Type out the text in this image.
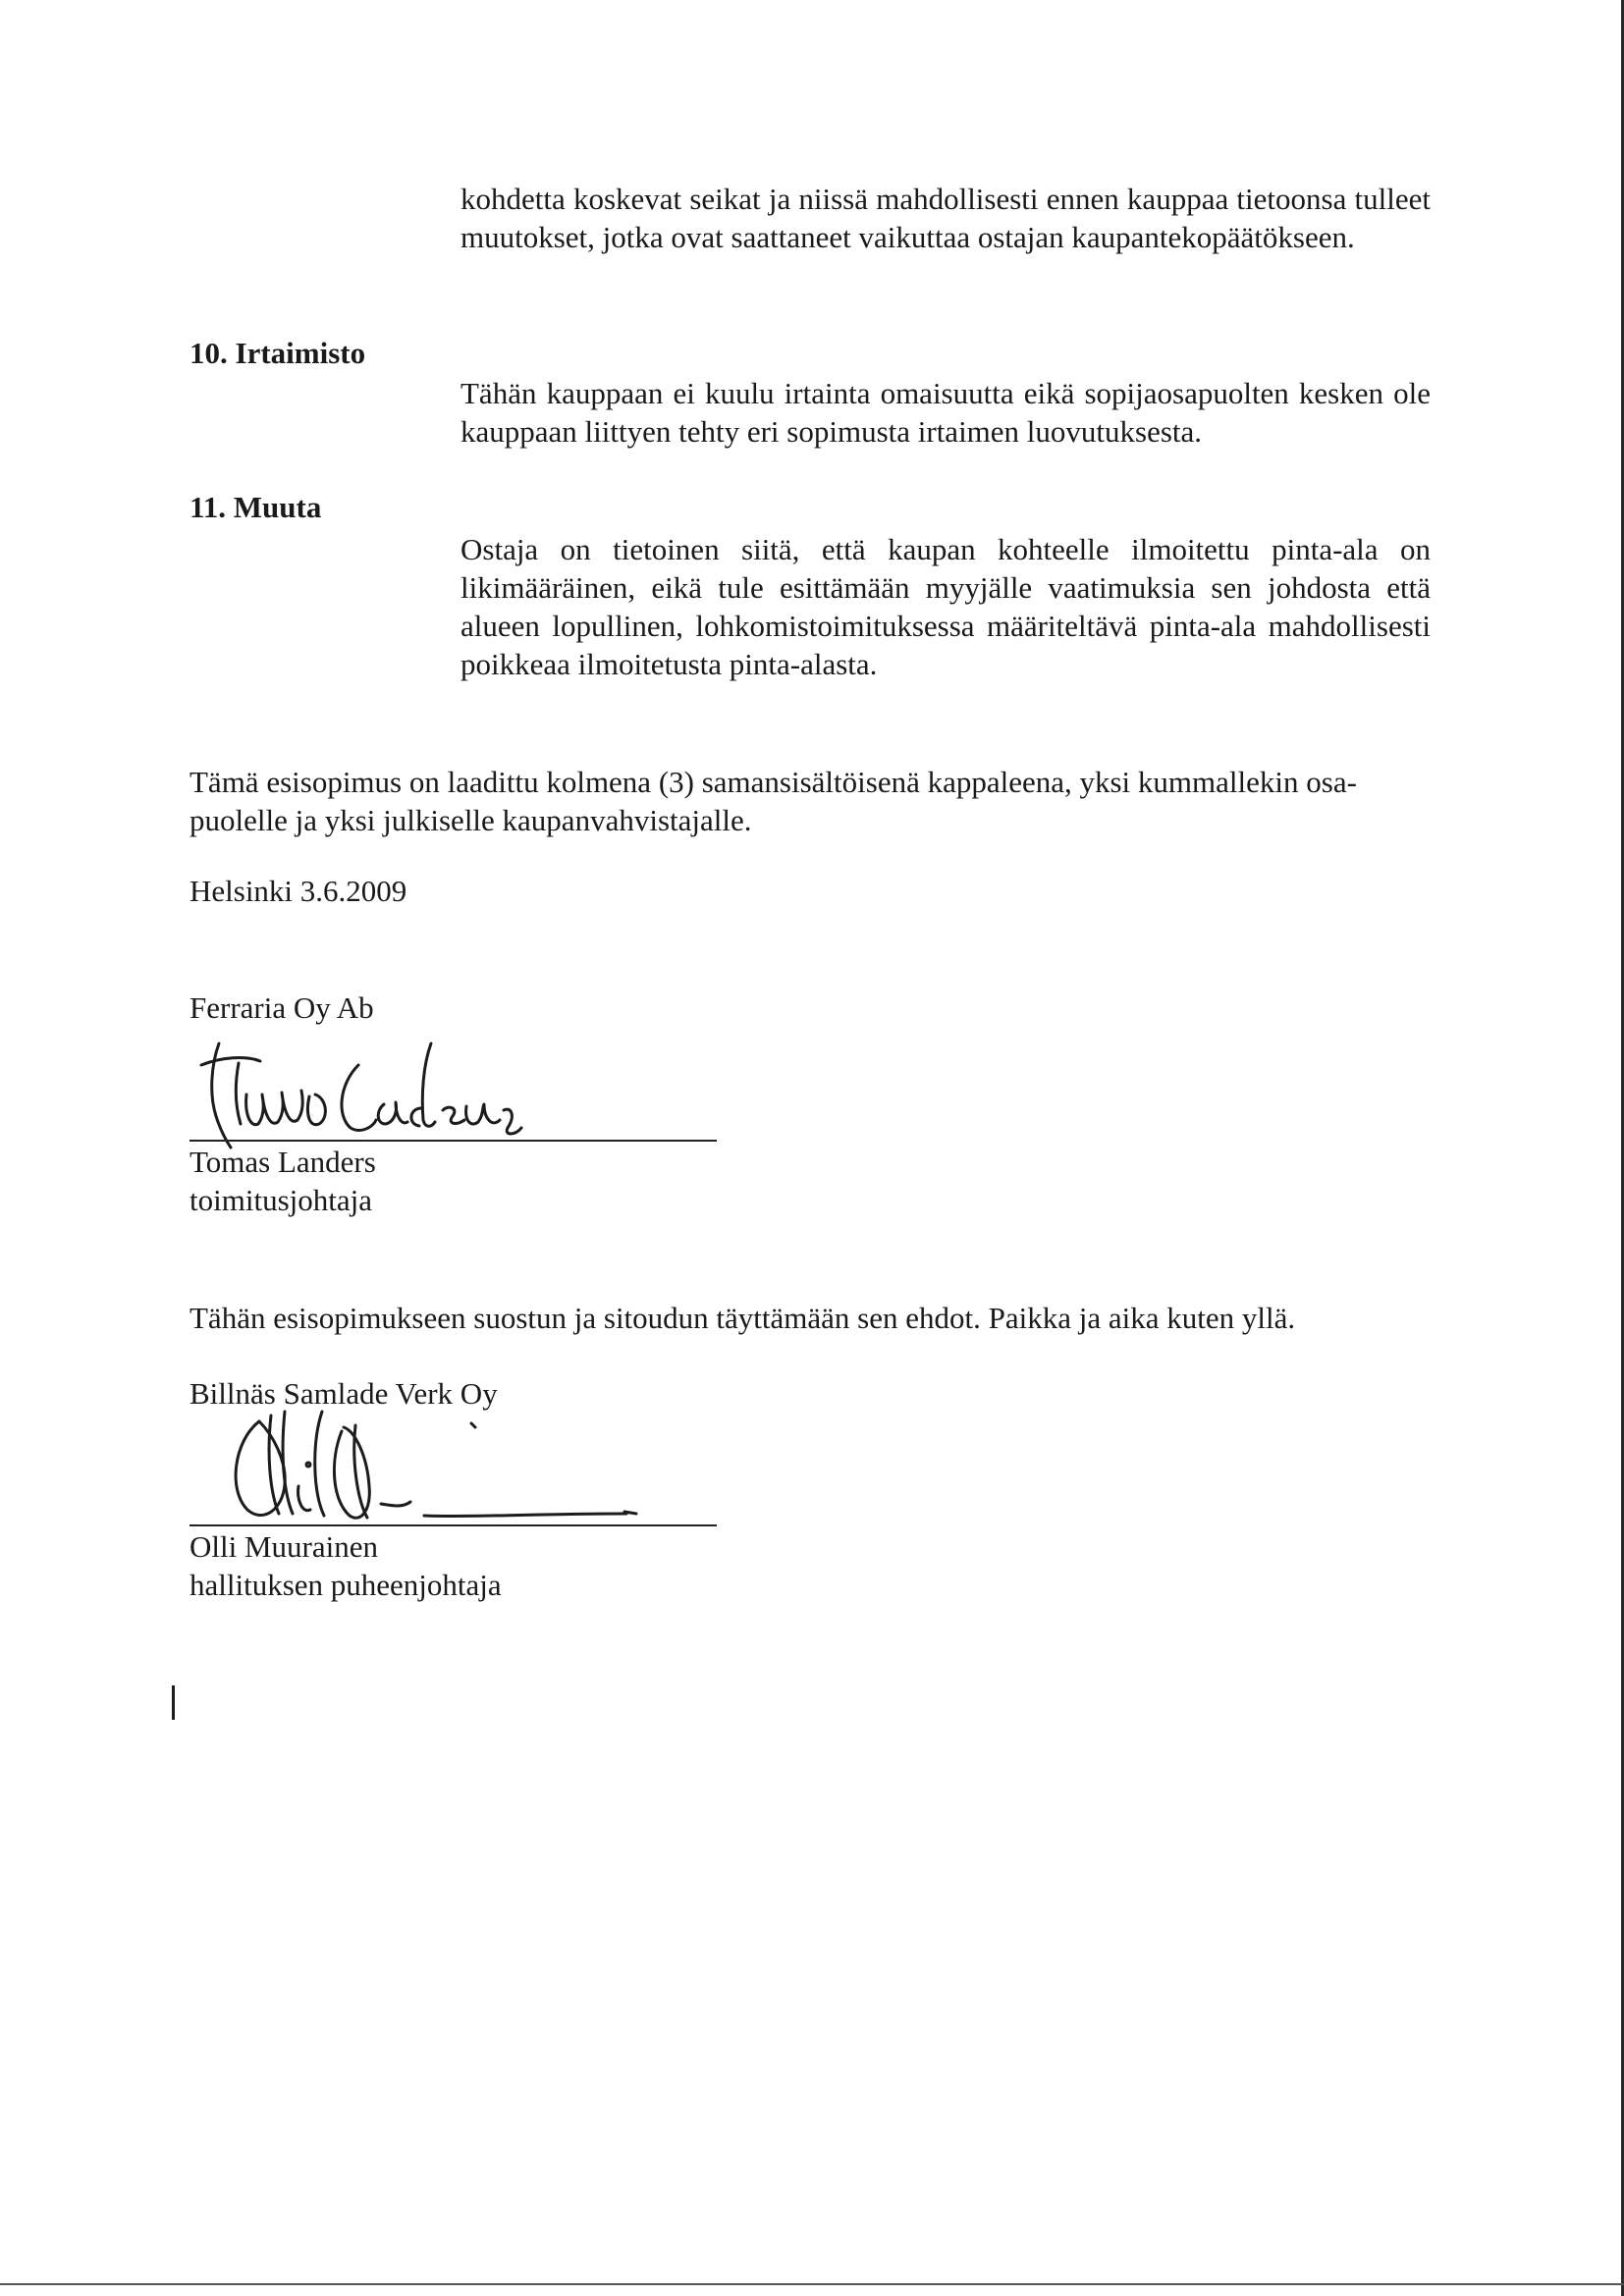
kohdetta koskevat seikat ja niissä mahdollisesti ennen kauppaa tietoonsa tulleet muutokset, jotka ovat saattaneet vaikuttaa ostajan kaupantekopäätökseen.

10. Irtaimisto

Tähän kauppaan ei kuulu irtainta omaisuutta eikä sopijaosapuolten kesken ole kauppaan liittyen tehty eri sopimusta irtaimen luovutuksesta.

11. Muuta

Ostaja on tietoinen siitä, että kaupan kohteelle ilmoitettu pinta-ala on likimääräinen, eikä tule esittämään myyjälle vaatimuksia sen johdosta että alueen lopullinen, lohkomistoimituksessa määriteltävä pinta-ala mahdollisesti poikkeaa ilmoitetusta pinta-alasta.

Tämä esisopimus on laadittu kolmena (3) samansisältöisenä kappaleena, yksi kummallekin osa-

puolelle ja yksi julkiselle kaupanvahvistajalle.

Helsinki 3.6.2009

Ferraria Oy Ab

Tomas Landers

toimitusjohtaja

Tähän esisopimukseen suostun ja sitoudun täyttämään sen ehdot. Paikka ja aika kuten yllä.

Billnäs Samlade Verk Oy

Olli Muurainen

hallituksen puheenjohtaja
